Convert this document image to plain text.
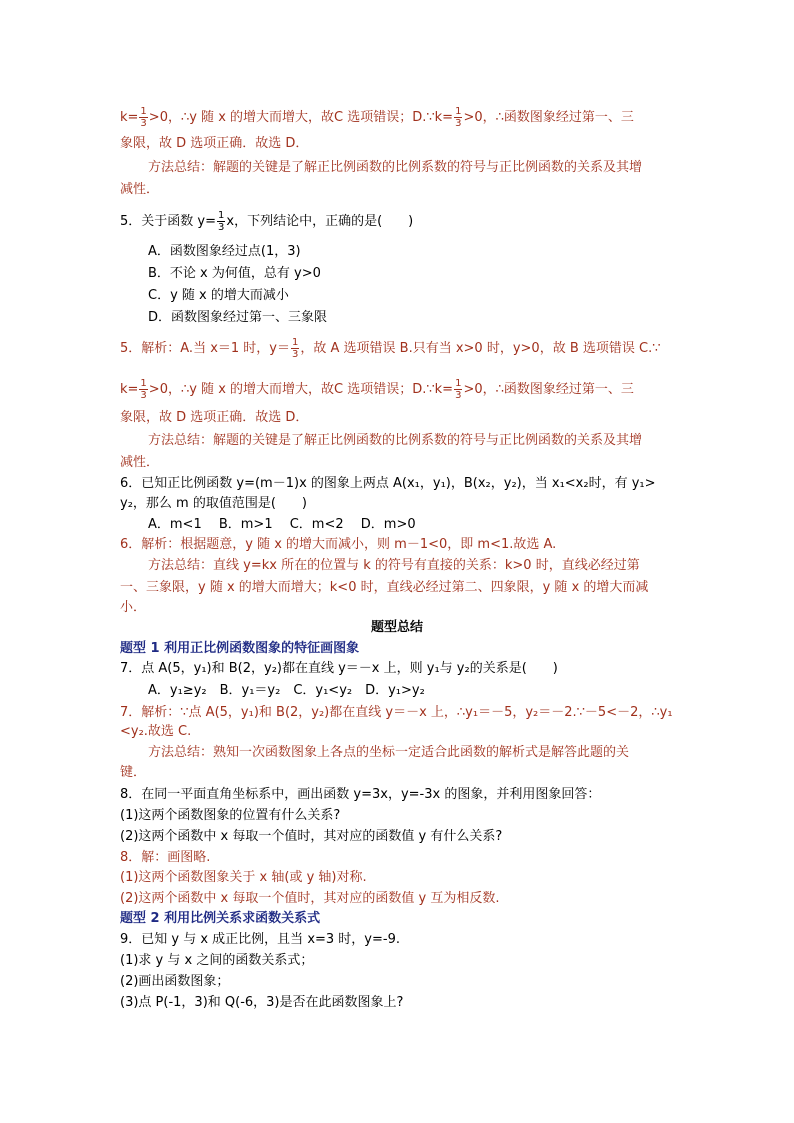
$k= \frac{1}{3} >0$，∴y 随 x 的增大而增大，故C 选项错误；D.∵k= $\frac{1}{3} >0$，∴函数图象经过第一、三
象限，故 D 选项正确．故选 D．
方法总结：解题的关键是了解正比例函数的比例系数的符号与正比例函数的关系及其增
减性．
5．关于函数 $y= \frac{1}{3}$ x，下列结论中，正确的是(　　)
A．函数图象经过点(1，3)
B．不论 x 为何值，总有 y>0
C．y 随 x 的增大而减小
D．函数图象经过第一、三象限
5．解析：A.当 x＝1 时，$y= \frac{1}{3}$ ，故 A 选项错误 B.只有当 x>0 时，y>0，故 B 选项错误 C.∵
$k= \frac{1}{3} >0$，∴y 随 x 的增大而增大，故C 选项错误；D.∵k= $\frac{1}{3} >0$，∴函数图象经过第一、三
象限，故 D 选项正确．故选 D．
方法总结：解题的关键是了解正比例函数的比例系数的符号与正比例函数的关系及其增
减性．
6．已知正比例函数 y=(m－1)x 的图象上两点 A(x₁，y₁)，B(x₂，y₂)，当 x₁<x₂时，有 y₁>
y₂，那么 m 的取值范围是(　　)
A．m<1　 B．m>1　 C．m<2　 D．m>0
6．解析：根据题意，y 随 x 的增大而减小，则 m－1<0，即 m<1.故选 A.
方法总结：直线 y=kx 所在的位置与 k 的符号有直接的关系：k>0 时，直线必经过第
一、三象限，y 随 x 的增大而增大；k<0 时，直线必经过第二、四象限，y 随 x 的增大而减
小．
题型总结
题型 1 利用正比例函数图象的特征画图象
7．点 A(5，y₁)和 B(2，y₂)都在直线 y＝－x 上，则 y₁与 y₂的关系是(　　)
A．y₁≥y₂　B．y₁＝y₂　C．y₁<y₂　D．y₁>y₂
7．解析：∵点 A(5，y₁)和 B(2，y₂)都在直线 y＝－x 上，∴y₁＝－5，y₂＝－2.∵－5<－2，∴y₁
<y₂.故选 C.
方法总结：熟知一次函数图象上各点的坐标一定适合此函数的解析式是解答此题的关
键．
8．在同一平面直角坐标系中，画出函数 y=3x，y=-3x 的图象，并利用图象回答：
(1)这两个函数图象的位置有什么关系?
(2)这两个函数中 x 每取一个值时，其对应的函数值 y 有什么关系?
8．解：画图略.
(1)这两个函数图象关于 x 轴(或 y 轴)对称.
(2)这两个函数中 x 每取一个值时，其对应的函数值 y 互为相反数.
题型 2 利用比例关系求函数关系式
9．已知 y 与 x 成正比例，且当 x=3 时，y=-9.
(1)求 y 与 x 之间的函数关系式；
(2)画出函数图象；
(3)点 P(-1，3)和 Q(-6，3)是否在此函数图象上?
